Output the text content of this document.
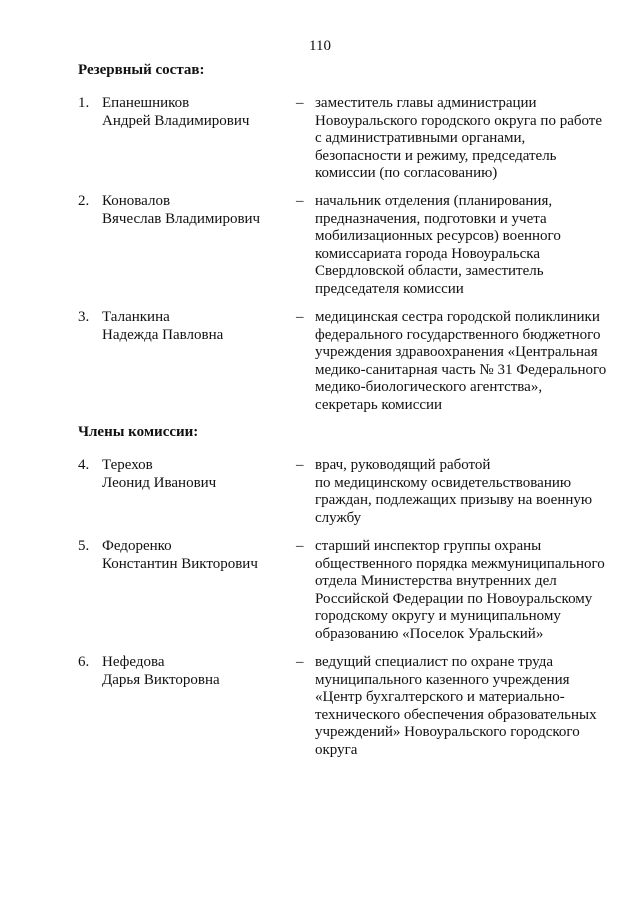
110
Резервный состав:
1. Епанешников
Андрей Владимирович
– заместитель главы администрации
Новоуральского городского округа по работе
с административными органами,
безопасности и режиму, председатель
комиссии (по согласованию)
2. Коновалов
Вячеслав Владимирович
– начальник отделения (планирования,
предназначения, подготовки и учета
мобилизационных ресурсов) военного
комиссариата города Новоуральска
Свердловской области, заместитель
председателя комиссии
3. Таланкина
Надежда Павловна
– медицинская сестра городской поликлиники
федерального государственного бюджетного
учреждения здравоохранения «Центральная
медико-санитарная часть № 31 Федерального
медико-биологического агентства»,
секретарь комиссии
Члены комиссии:
4. Терехов
Леонид Иванович
– врач, руководящий работой
по медицинскому освидетельствованию
граждан, подлежащих призыву на военную
службу
5. Федоренко
Константин Викторович
– старший инспектор группы охраны
общественного порядка межмуниципального
отдела Министерства внутренних дел
Российской Федерации по Новоуральскому
городскому округу и муниципальному
образованию «Поселок Уральский»
6. Нефедова
Дарья Викторовна
– ведущий специалист по охране труда
муниципального казенного учреждения
«Центр бухгалтерского и материально-
технического обеспечения образовательных
учреждений» Новоуральского городского
округа
